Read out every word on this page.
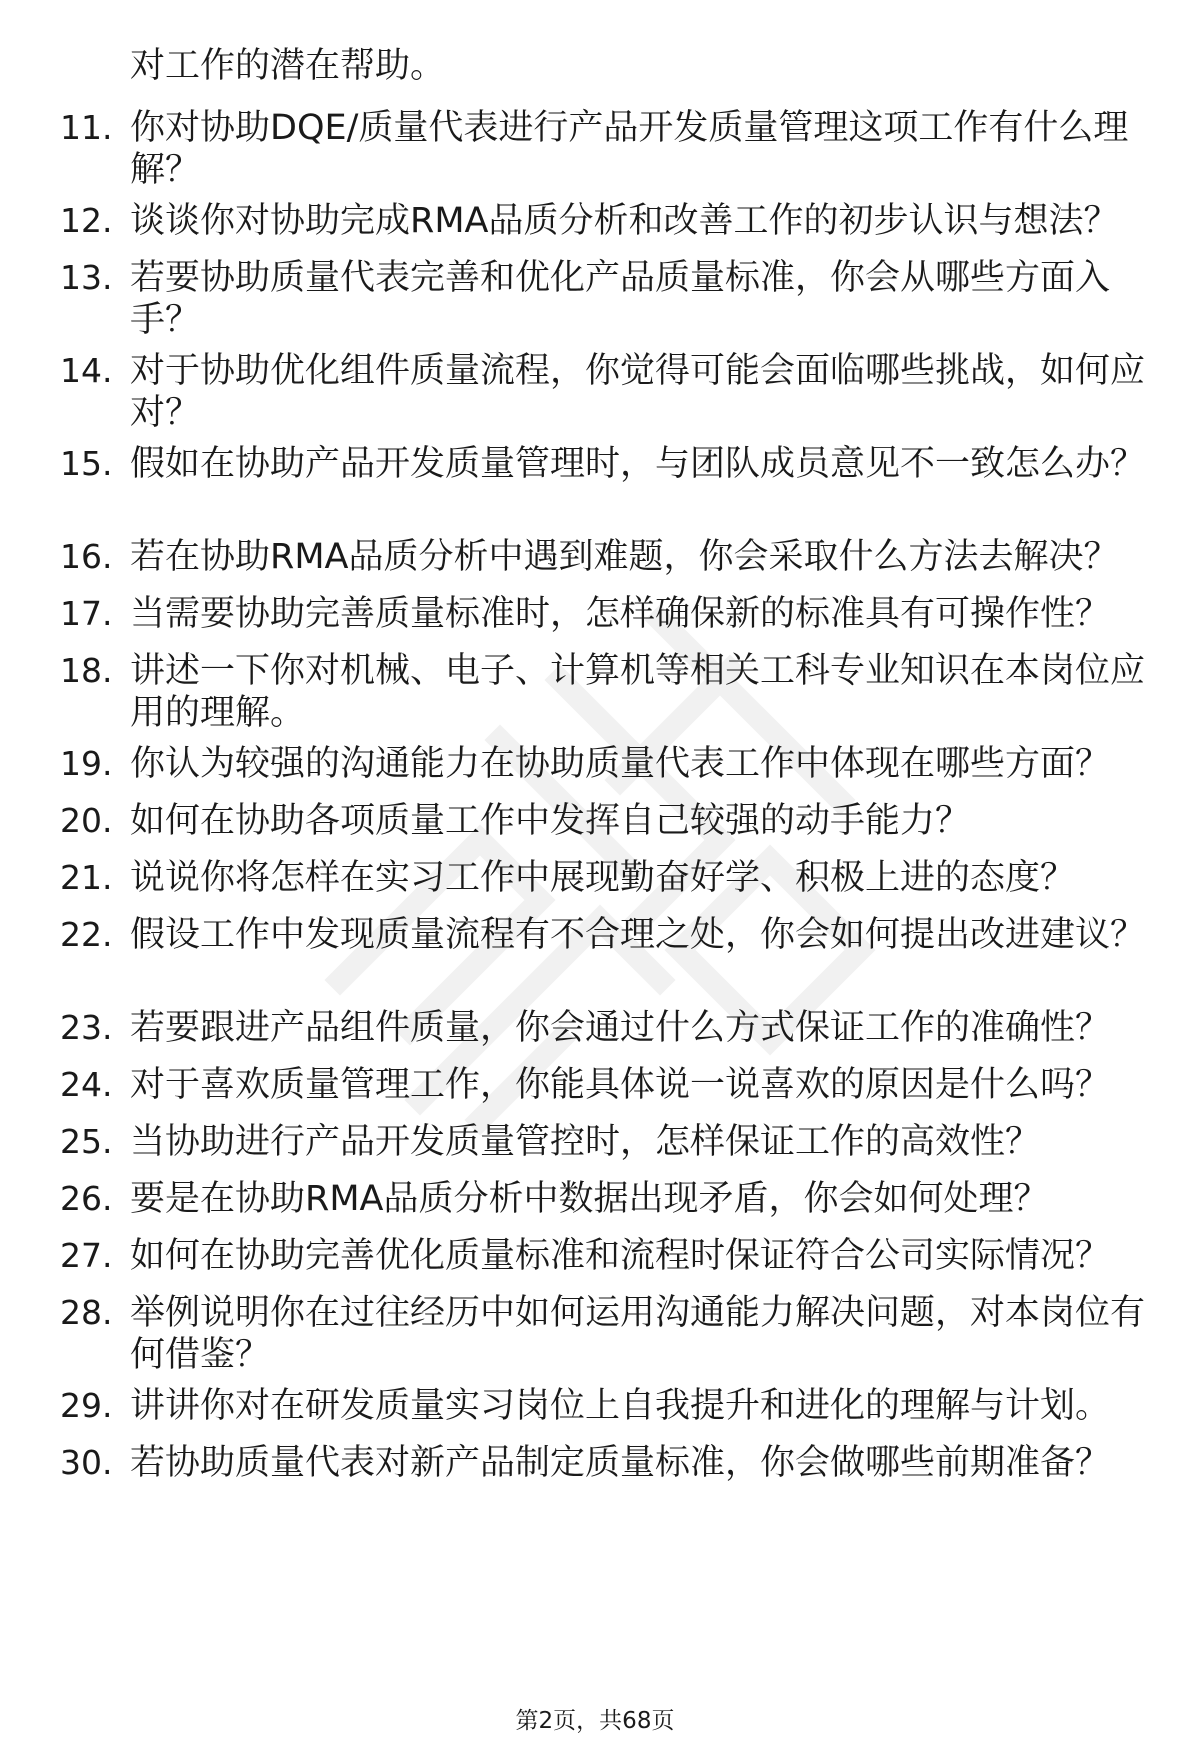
对工作的潜在帮助。
11. 你对协助DQE/质量代表进行产品开发质量管理这项工作有什么理解？
12. 谈谈你对协助完成RMA品质分析和改善工作的初步认识与想法？
13. 若要协助质量代表完善和优化产品质量标准，你会从哪些方面入手？
14. 对于协助优化组件质量流程，你觉得可能会面临哪些挑战，如何应对？
15. 假如在协助产品开发质量管理时，与团队成员意见不一致怎么办？
16. 若在协助RMA品质分析中遇到难题，你会采取什么方法去解决？
17. 当需要协助完善质量标准时，怎样确保新的标准具有可操作性？
18. 讲述一下你对机械、电子、计算机等相关工科专业知识在本岗位应用的理解。
19. 你认为较强的沟通能力在协助质量代表工作中体现在哪些方面？
20. 如何在协助各项质量工作中发挥自己较强的动手能力？
21. 说说你将怎样在实习工作中展现勤奋好学、积极上进的态度？
22. 假设工作中发现质量流程有不合理之处，你会如何提出改进建议？
23. 若要跟进产品组件质量，你会通过什么方式保证工作的准确性？
24. 对于喜欢质量管理工作，你能具体说一说喜欢的原因是什么吗？
25. 当协助进行产品开发质量管控时，怎样保证工作的高效性？
26. 要是在协助RMA品质分析中数据出现矛盾，你会如何处理？
27. 如何在协助完善优化质量标准和流程时保证符合公司实际情况？
28. 举例说明你在过往经历中如何运用沟通能力解决问题，对本岗位有何借鉴？
29. 讲讲你对在研发质量实习岗位上自我提升和进化的理解与计划。
30. 若协助质量代表对新产品制定质量标准，你会做哪些前期准备？
第2页，共68页
